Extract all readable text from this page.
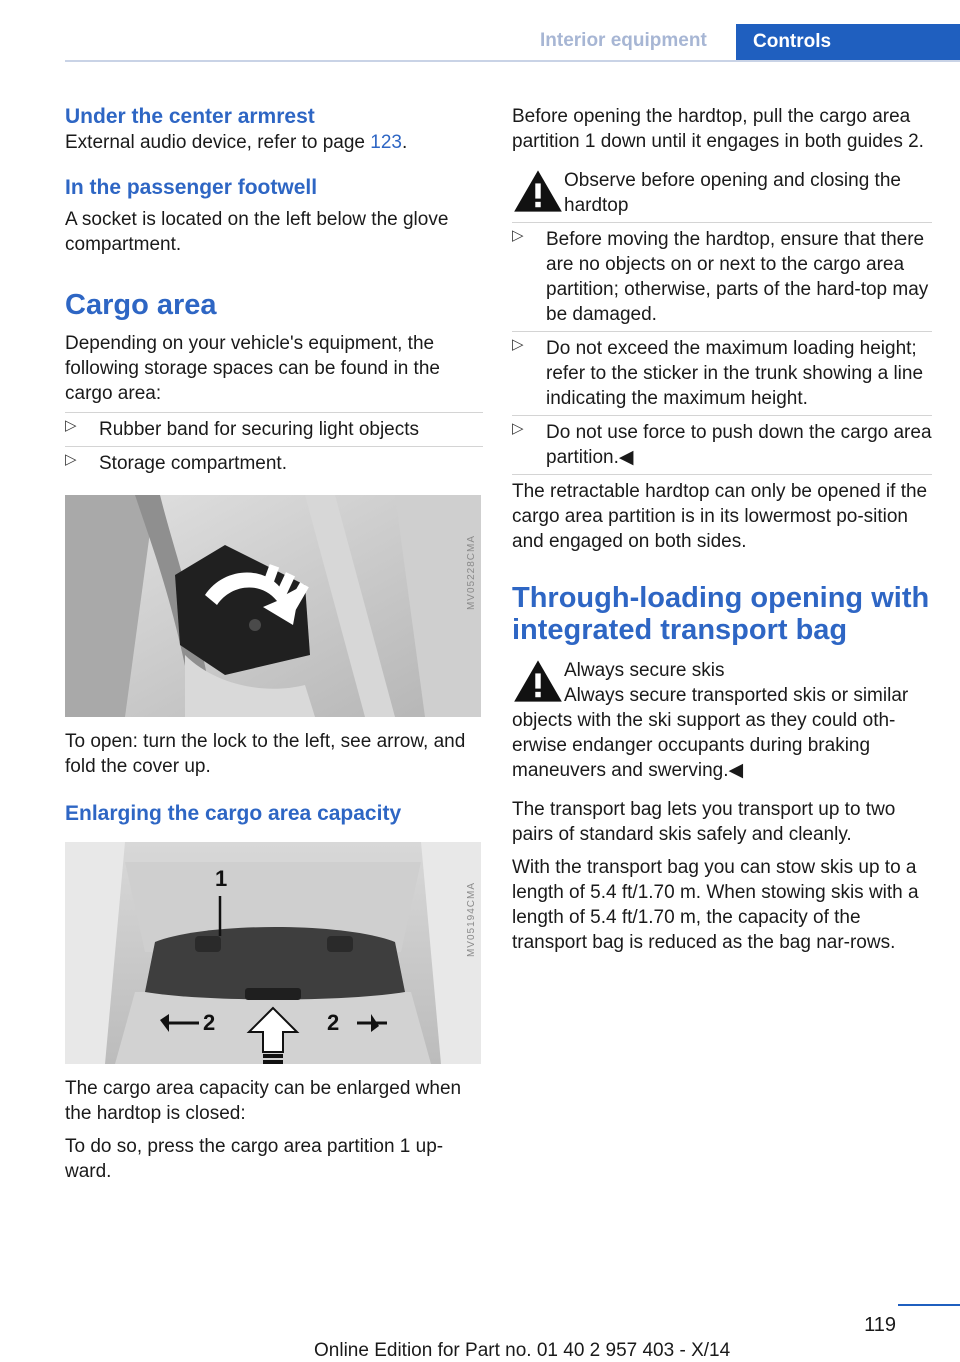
Interior equipment	Controls
Under the center armrest

External audio device, refer to page 123.

In the passenger footwell

A socket is located on the left below the glove compartment.

Cargo area

Depending on your vehicle's equipment, the following storage spaces can be found in the cargo area:

▷ Rubber band for securing light objects
▷ Storage compartment.
MV05228CMA

To open: turn the lock to the left, see arrow, and fold the cover up.

Enlarging the cargo area capacity
1
2	2
MV05194CMA

The cargo area capacity can be enlarged when the hardtop is closed:

To do so, press the cargo area partition 1 up-ward.

Before opening the hardtop, pull the cargo area partition 1 down until it engages in both guides 2.

Observe before opening and closing the hardtop
▷ Before moving the hardtop, ensure that there are no objects on or next to the cargo area partition; otherwise, parts of the hard-top may be damaged.
▷ Do not exceed the maximum loading height; refer to the sticker in the trunk showing a line indicating the maximum height.
▷ Do not use force to push down the cargo area partition.◀

The retractable hardtop can only be opened if the cargo area partition is in its lowermost po-sition and engaged on both sides.

Through-loading opening with integrated transport bag
Always secure skis

Always secure transported skis or similar objects with the ski support as they could oth-erwise endanger occupants during braking maneuvers and swerving.◀

The transport bag lets you transport up to two pairs of standard skis safely and cleanly.

With the transport bag you can stow skis up to a length of 5.4 ft/1.70 m. When stowing skis with a length of 5.4 ft/1.70 m, the capacity of the transport bag is reduced as the bag nar-rows.

119
Online Edition for Part no. 01 40 2 957 403 - X/14
